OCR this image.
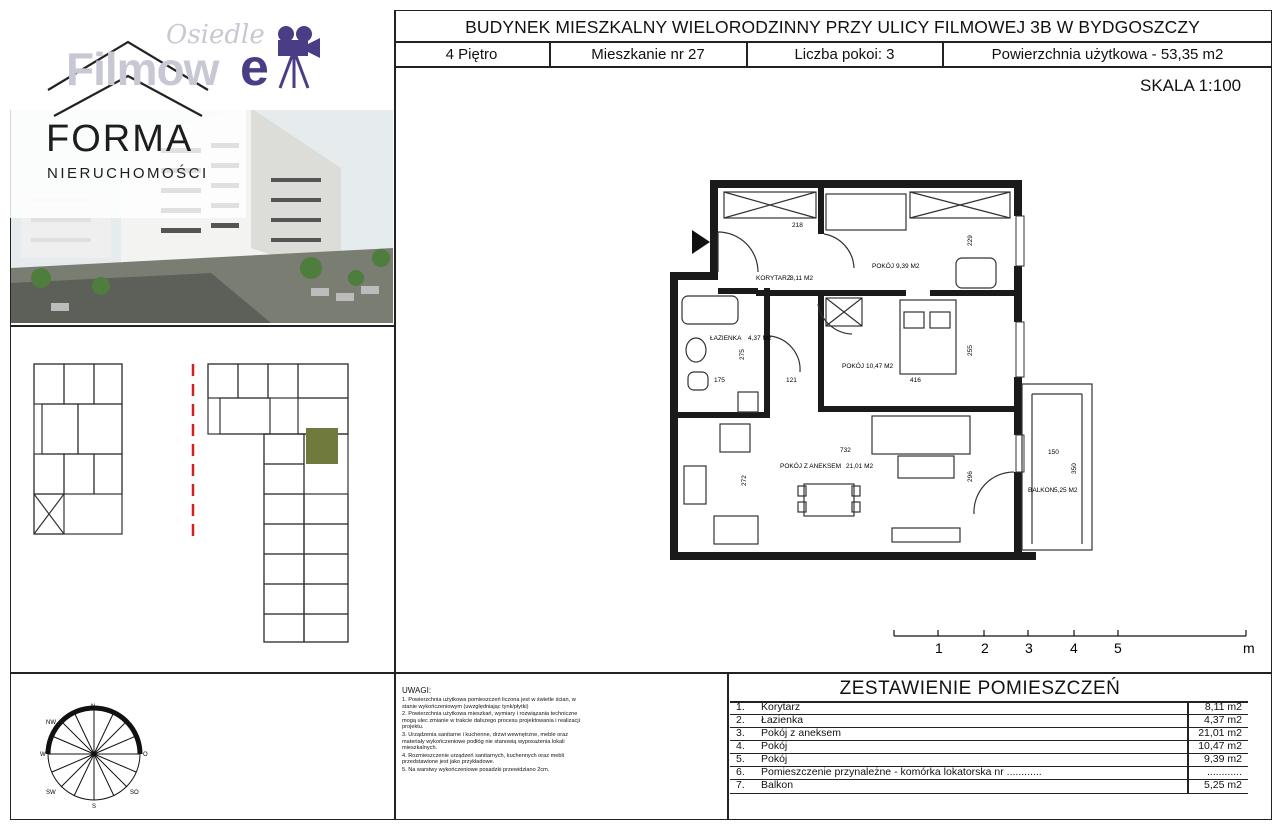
BUDYNEK MIESZKALNY WIELORODZINNY PRZY ULICY FILMOWEJ 3B W BYDGOSZCZY
4 Piętro	Mieszkanie nr 27	Liczba pokoi: 3	Powierzchnia użytkowa - 53,35 m2
SKALA 1:100
Osiedle
Filmow e
FORMA
NIERUCHOMOŚCI
N
NW
W	O
SW	SO
S
KORYTARZ 8,11 M2
POKÓJ 9,39 M2
ŁAZIENKA 4,37 M2
POKÓJ 10,47 M2
POKÓJ Z ANEKSEM 21,01 M2
BALKON 5,25 M2
218
229
275
175	121	416
255
732
272	296
150
350
1	2	3	4	5	m
UWAGI:
1. Powierzchnia użytkowa pomieszczeń liczona jest w świetle ścian, w stanie wykończeniowym (uwzględniając tynk/płytki)
2. Powierzchnia użytkowa mieszkań, wymiary i rozwiązania techniczne mogą ulec zmianie w trakcie dalszego procesu projektowania i realizacji projektu.
3. Urządzenia sanitarne i kuchenne, drzwi wewnętrzne, meble oraz materiały wykończeniowe podłóg nie stanowią wyposażenia lokali mieszkalnych.
4. Rozmieszczenie urządzeń sanitarnych, kuchennych oraz mebli przedstawione jest jako przykładowe.
5. Na warstwy wykończeniowe posadzki przewidziano 2cm.
ZESTAWIENIE POMIESZCZEŃ
1. Korytarz	8,11 m2
2. Łazienka	4,37 m2
3. Pokój z aneksem	21,01 m2
4. Pokój	10,47 m2
5. Pokój	9,39 m2
6. Pomieszczenie przynależne - komórka lokatorska nr ............	............
7. Balkon	5,25 m2
